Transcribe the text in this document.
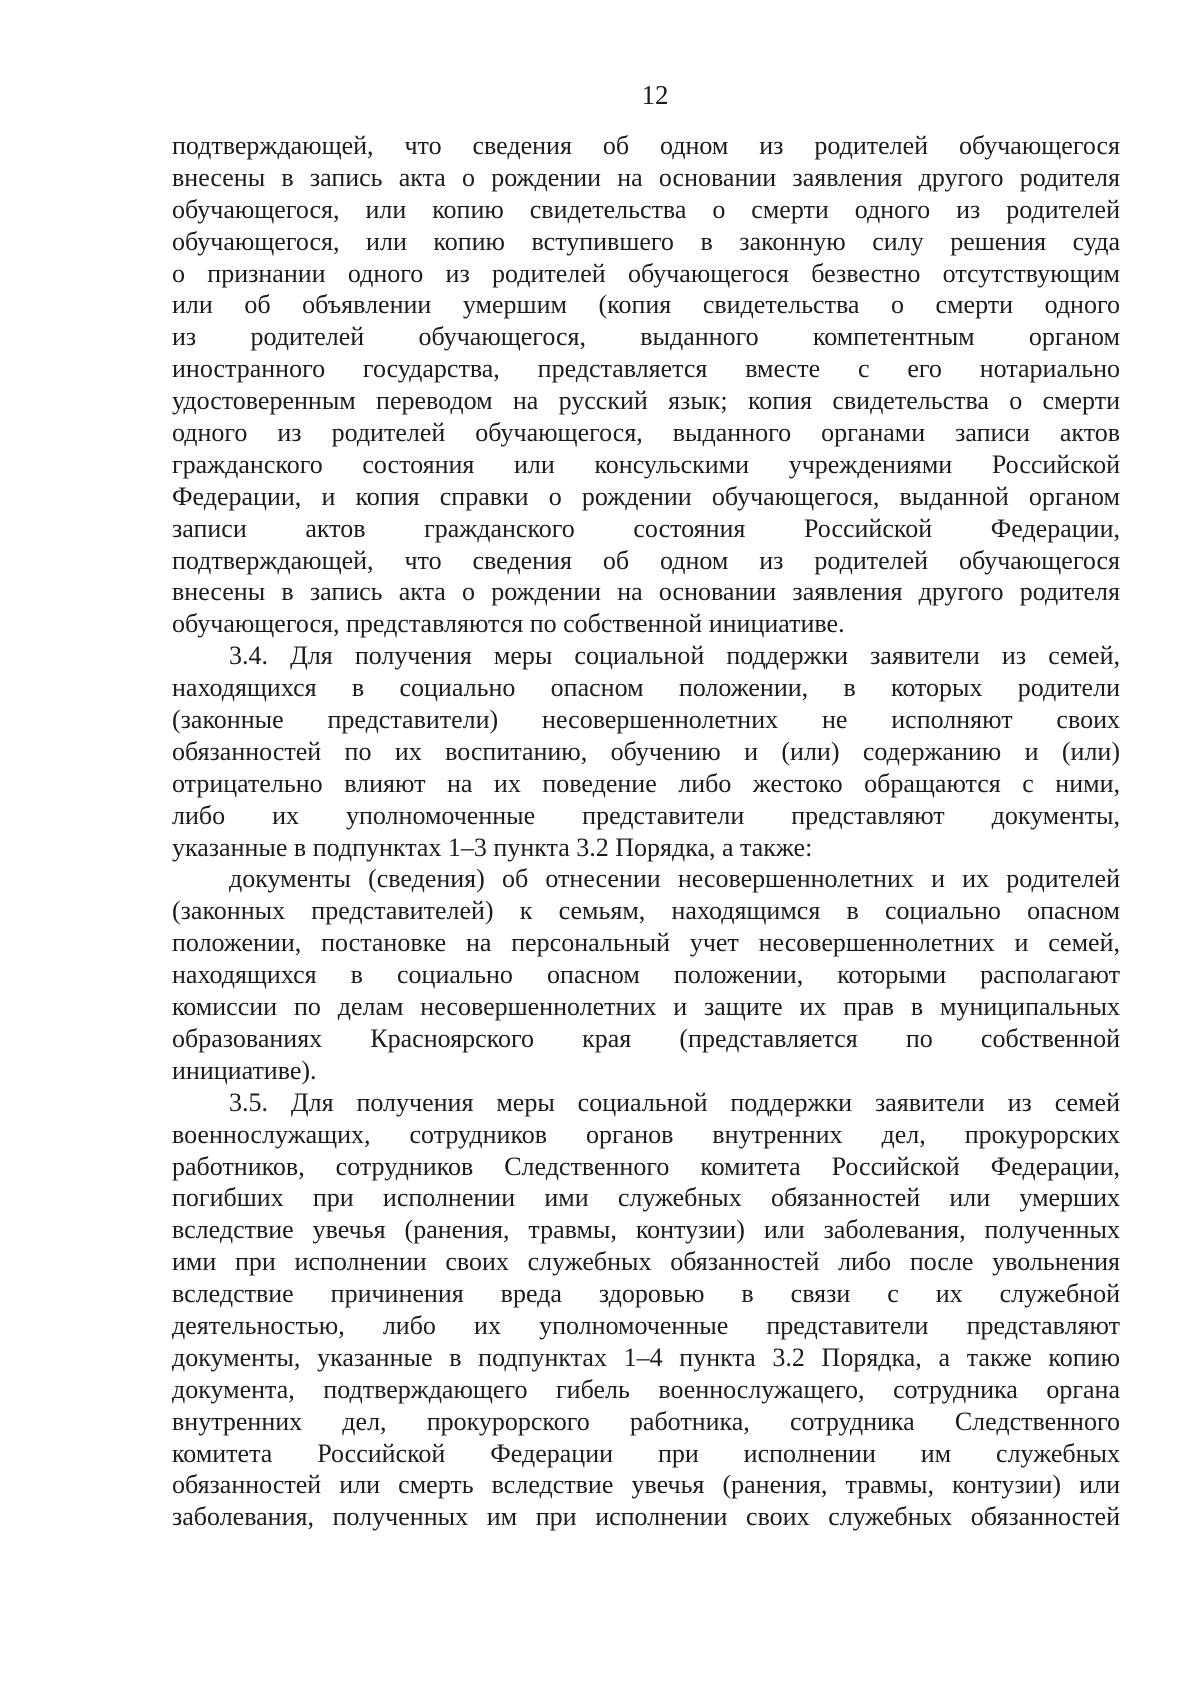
12
подтверждающей, что сведения об одном из родителей обучающегося
внесены в запись акта о рождении на основании заявления другого родителя
обучающегося, или копию свидетельства о смерти одного из родителей
обучающегося, или копию вступившего в законную силу решения суда
о признании одного из родителей обучающегося безвестно отсутствующим
или об объявлении умершим (копия свидетельства о смерти одного
из родителей обучающегося, выданного компетентным органом
иностранного государства, представляется вместе с его нотариально
удостоверенным переводом на русский язык; копия свидетельства о смерти
одного из родителей обучающегося, выданного органами записи актов
гражданского состояния или консульскими учреждениями Российской
Федерации, и копия справки о рождении обучающегося, выданной органом
записи актов гражданского состояния Российской Федерации,
подтверждающей, что сведения об одном из родителей обучающегося
внесены в запись акта о рождении на основании заявления другого родителя
обучающегося, представляются по собственной инициативе.
3.4. Для получения меры социальной поддержки заявители из семей,
находящихся в социально опасном положении, в которых родители
(законные представители) несовершеннолетних не исполняют своих
обязанностей по их воспитанию, обучению и (или) содержанию и (или)
отрицательно влияют на их поведение либо жестоко обращаются с ними,
либо их уполномоченные представители представляют документы,
указанные в подпунктах 1–3 пункта 3.2 Порядка, а также:
документы (сведения) об отнесении несовершеннолетних и их родителей
(законных представителей) к семьям, находящимся в социально опасном
положении, постановке на персональный учет несовершеннолетних и семей,
находящихся в социально опасном положении, которыми располагают
комиссии по делам несовершеннолетних и защите их прав в муниципальных
образованиях Красноярского края (представляется по собственной
инициативе).
3.5. Для получения меры социальной поддержки заявители из семей
военнослужащих, сотрудников органов внутренних дел, прокурорских
работников, сотрудников Следственного комитета Российской Федерации,
погибших при исполнении ими служебных обязанностей или умерших
вследствие увечья (ранения, травмы, контузии) или заболевания, полученных
ими при исполнении своих служебных обязанностей либо после увольнения
вследствие причинения вреда здоровью в связи с их служебной
деятельностью, либо их уполномоченные представители представляют
документы, указанные в подпунктах 1–4 пункта 3.2 Порядка, а также копию
документа, подтверждающего гибель военнослужащего, сотрудника органа
внутренних дел, прокурорского работника, сотрудника Следственного
комитета Российской Федерации при исполнении им служебных
обязанностей или смерть вследствие увечья (ранения, травмы, контузии) или
заболевания, полученных им при исполнении своих служебных обязанностей
